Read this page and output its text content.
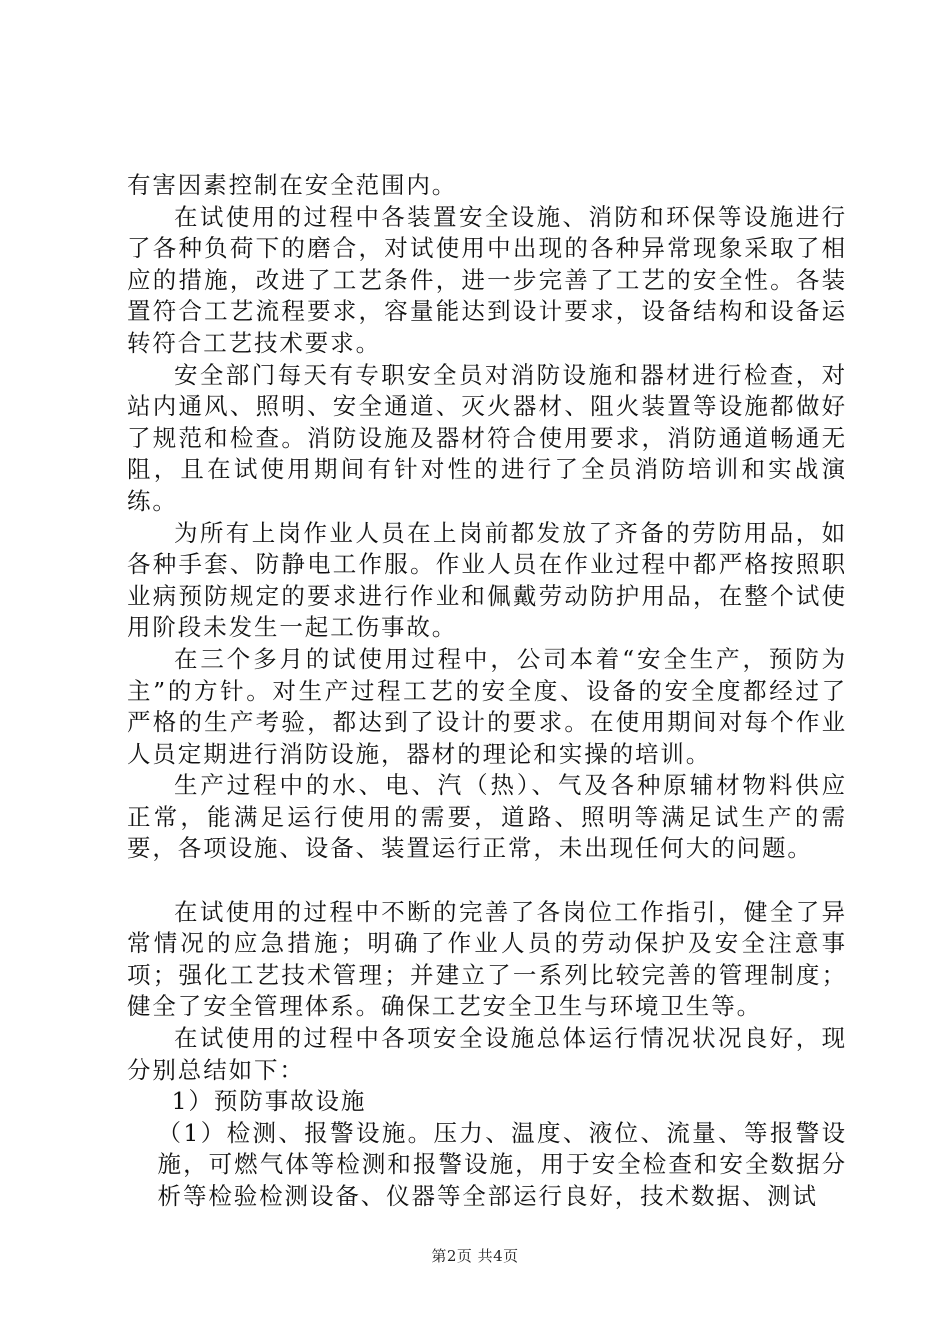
有害因素控制在安全范围内。

在试使用的过程中各装置安全设施、消防和环保等设施进行了各种负荷下的磨合，对试使用中出现的各种异常现象采取了相应的措施，改进了工艺条件，进一步完善了工艺的安全性。各装置符合工艺流程要求，容量能达到设计要求，设备结构和设备运转符合工艺技术要求。

安全部门每天有专职安全员对消防设施和器材进行检查，对站内通风、照明、安全通道、灭火器材、阻火装置等设施都做好了规范和检查。消防设施及器材符合使用要求，消防通道畅通无阻，且在试使用期间有针对性的进行了全员消防培训和实战演练。

为所有上岗作业人员在上岗前都发放了齐备的劳防用品，如各种手套、防静电工作服。作业人员在作业过程中都严格按照职业病预防规定的要求进行作业和佩戴劳动防护用品，在整个试使用阶段未发生一起工伤事故。

在三个多月的试使用过程中，公司本着“安全生产，预防为主”的方针。对生产过程工艺的安全度、设备的安全度都经过了严格的生产考验，都达到了设计的要求。在使用期间对每个作业人员定期进行消防设施，器材的理论和实操的培训。

生产过程中的水、电、汽（热）、气及各种原辅材物料供应正常，能满足运行使用的需要，道路、照明等满足试生产的需要，各项设施、设备、装置运行正常，未出现任何大的问题。

在试使用的过程中不断的完善了各岗位工作指引，健全了异常情况的应急措施；明确了作业人员的劳动保护及安全注意事项；强化工艺技术管理；并建立了一系列比较完善的管理制度；健全了安全管理体系。确保工艺安全卫生与环境卫生等。

在试使用的过程中各项安全设施总体运行情况状况良好，现分别总结如下：

1）预防事故设施

（1）检测、报警设施。压力、温度、液位、流量、等报警设施，可燃气体等检测和报警设施，用于安全检查和安全数据分析等检验检测设备、仪器等全部运行良好，技术数据、测试

第2页 共4页
